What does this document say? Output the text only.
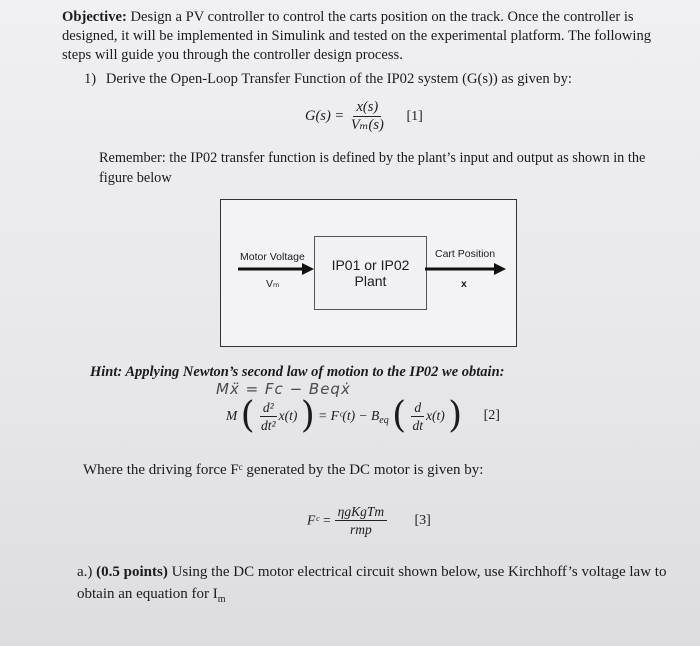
Objective: Design a PV controller to control the carts position on the track. Once the controller is designed, it will be implemented in Simulink and tested on the experimental platform. The following steps will guide you through the controller design process.
1) Derive the Open-Loop Transfer Function of the IP02 system (G(s)) as given by:
$G(s) = \frac{x(s)}{\text{Vₘ(s)}} [1]$
Remember: the IP02 transfer function is defined by the plant’s input and output as shown in the figure below
IP01 or IP02
Plant
Motor Voltage
Vₘ
Cart Position
x
Hint: Applying Newton’s second law of motion to the IP02 we obtain:
Mẍ = Fc − Beqẋ
M ( $\frac{\text{d²}}{\text{dt²}} x(t)$ ) = Fᶜ(t) − $B_{eq}$ ( $\frac{d}{dt} x(t)$ ) [2]
Where the driving force Fᶜ generated by the DC motor is given by:
Fᶜ = $\frac{\text{ηgKgTm}}{\text{rmp}} [3]$
a.) (0.5 points) Using the DC motor electrical circuit shown below, use Kirchhoff’s voltage law to obtain an equation for $I_m$
